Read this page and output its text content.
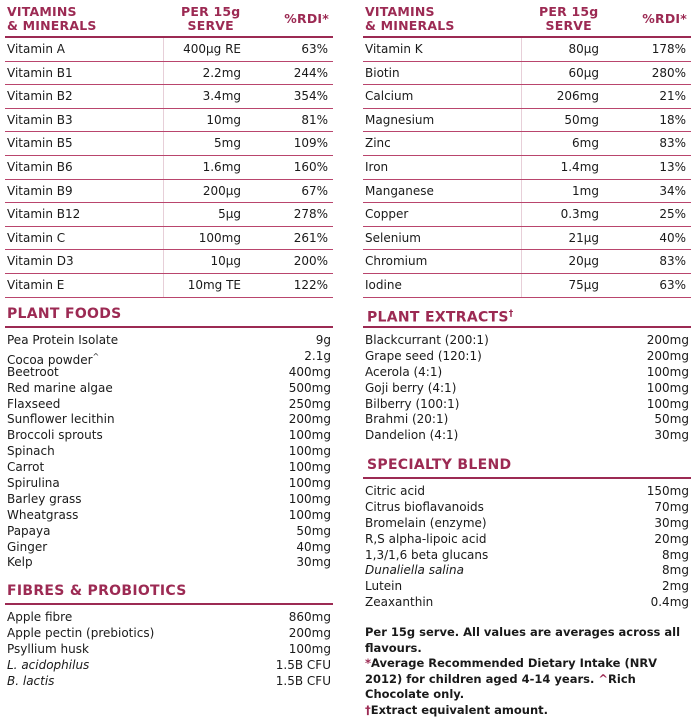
VITAMINS
& MINERALS
PER 15g
SERVE	%RDI*
Vitamin A	400µg RE	63%
Vitamin B1	2.2mg	244%
Vitamin B2	3.4mg	354%
Vitamin B3	10mg	81%
Vitamin B5	5mg	109%
Vitamin B6	1.6mg	160%
Vitamin B9	200µg	67%
Vitamin B12	5µg	278%
Vitamin C	100mg	261%
Vitamin D3	10µg	200%
Vitamin E	10mg TE	122%
VITAMINS
& MINERALS
PER 15g
SERVE	%RDI*
Vitamin K	80µg	178%
Biotin	60µg	280%
Calcium	206mg	21%
Magnesium	50mg	18%
Zinc	6mg	83%
Iron	1.4mg	13%
Manganese	1mg	34%
Copper	0.3mg	25%
Selenium	21µg	40%
Chromium	20µg	83%
Iodine	75µg	63%
PLANT FOODS
Pea Protein Isolate	9g
Cocoa powder^	2.1g
Beetroot	400mg
Red marine algae	500mg
Flaxseed	250mg
Sunflower lecithin	200mg
Broccoli sprouts	100mg
Spinach	100mg
Carrot	100mg
Spirulina	100mg
Barley grass	100mg
Wheatgrass	100mg
Papaya	50mg
Ginger	40mg
Kelp	30mg
FIBRES & PROBIOTICS
Apple fibre	860mg
Apple pectin (prebiotics)	200mg
Psyllium husk	100mg
L. acidophilus	1.5B CFU
B. lactis	1.5B CFU
PLANT EXTRACTS†
Blackcurrant (200:1)	200mg
Grape seed (120:1)	200mg
Acerola (4:1)	100mg
Goji berry (4:1)	100mg
Bilberry (100:1)	100mg
Brahmi (20:1)	50mg
Dandelion (4:1)	30mg
SPECIALTY BLEND
Citric acid	150mg
Citrus bioflavanoids	70mg
Bromelain (enzyme)	30mg
R,S alpha-lipoic acid	20mg
1,3/1,6 beta glucans	8mg
Dunaliella salina	8mg
Lutein	2mg
Zeaxanthin	0.4mg

Per 15g serve. All values are averages across all flavours.

*Average Recommended Dietary Intake (NRV 2012) for children aged 4-14 years. ^Rich Chocolate only.

†Extract equivalent amount.
